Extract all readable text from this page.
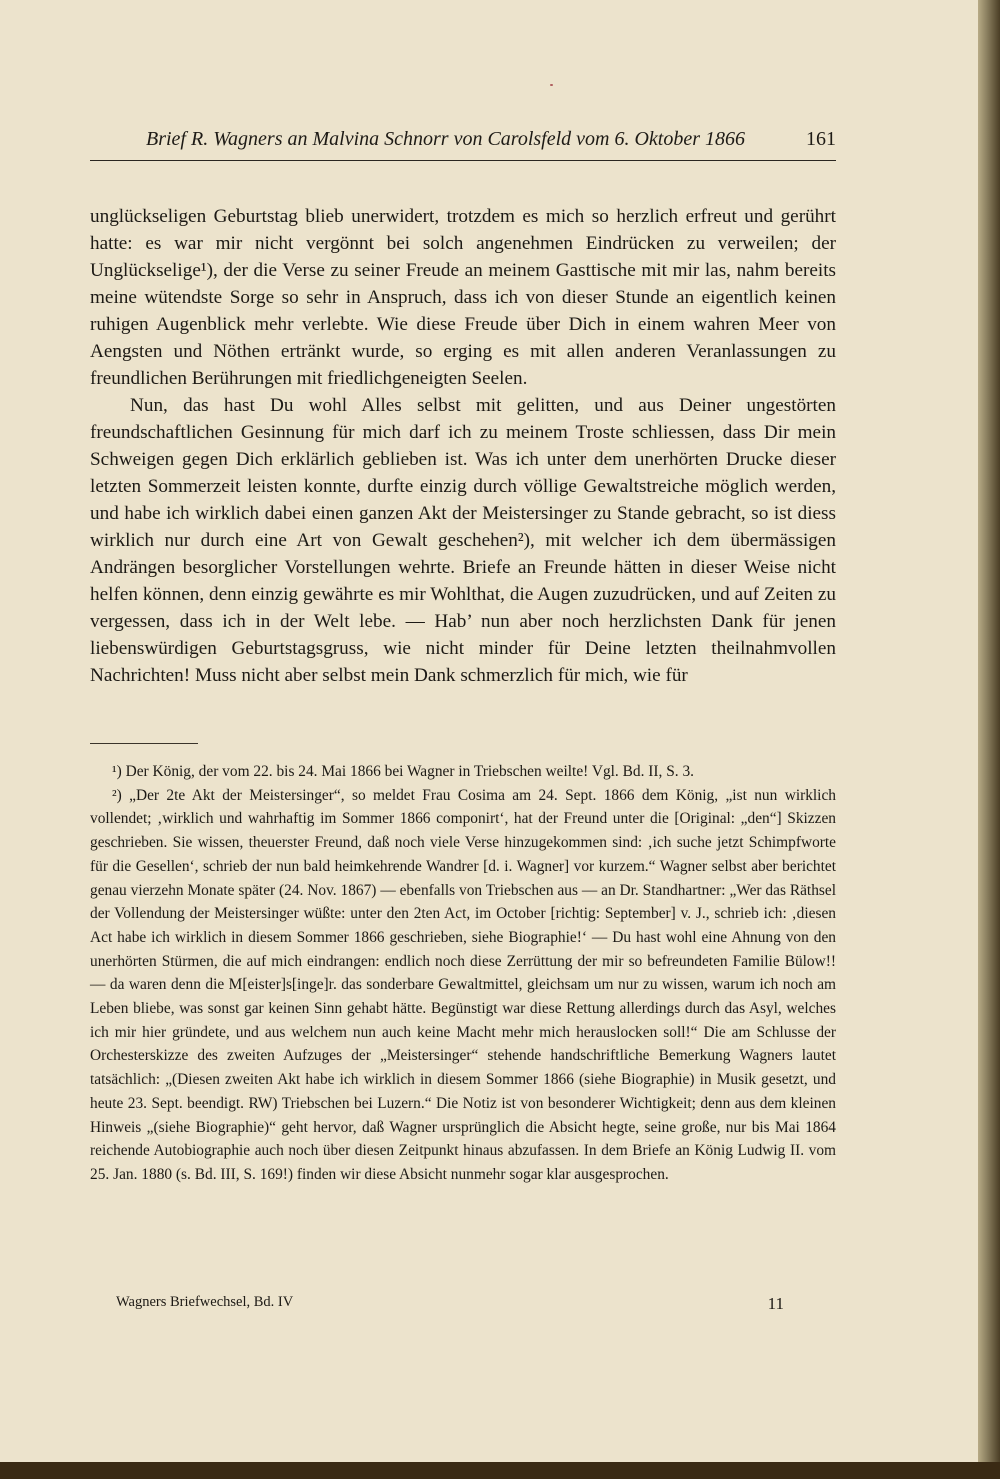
Brief R. Wagners an Malvina Schnorr von Carolsfeld vom 6. Oktober 1866	161

unglückseligen Geburtstag blieb unerwidert, trotzdem es mich so herzlich erfreut und gerührt hatte: es war mir nicht vergönnt bei solch angenehmen Eindrücken zu verweilen; der Unglückselige¹), der die Verse zu seiner Freude an meinem Gasttische mit mir las, nahm bereits meine wütendste Sorge so sehr in Anspruch, dass ich von dieser Stunde an eigentlich keinen ruhigen Augenblick mehr verlebte. Wie diese Freude über Dich in einem wahren Meer von Aengsten und Nöthen ertränkt wurde, so erging es mit allen anderen Veranlassungen zu freundlichen Berührungen mit friedlichgeneigten Seelen.

Nun, das hast Du wohl Alles selbst mit gelitten, und aus Deiner ungestörten freundschaftlichen Gesinnung für mich darf ich zu meinem Troste schliessen, dass Dir mein Schweigen gegen Dich erklärlich geblieben ist. Was ich unter dem unerhörten Drucke dieser letzten Sommerzeit leisten konnte, durfte einzig durch völlige Gewaltstreiche möglich werden, und habe ich wirklich dabei einen ganzen Akt der Meistersinger zu Stande gebracht, so ist diess wirklich nur durch eine Art von Gewalt geschehen²), mit welcher ich dem übermässigen Andrängen besorglicher Vorstellungen wehrte. Briefe an Freunde hätten in dieser Weise nicht helfen können, denn einzig gewährte es mir Wohlthat, die Augen zuzudrücken, und auf Zeiten zu vergessen, dass ich in der Welt lebe. — Hab’ nun aber noch herzlichsten Dank für jenen liebenswürdigen Geburtstagsgruss, wie nicht minder für Deine letzten theilnahmvollen Nachrichten! Muss nicht aber selbst mein Dank schmerzlich für mich, wie für

¹) Der König, der vom 22. bis 24. Mai 1866 bei Wagner in Triebschen weilte! Vgl. Bd. II, S. 3.

²) „Der 2te Akt der Meistersinger“, so meldet Frau Cosima am 24. Sept. 1866 dem König, „ist nun wirklich vollendet; ‚wirklich und wahrhaftig im Sommer 1866 componirt‘, hat der Freund unter die [Original: „den“] Skizzen geschrieben. Sie wissen, theuerster Freund, daß noch viele Verse hinzugekommen sind: ‚ich suche jetzt Schimpfworte für die Gesellen‘, schrieb der nun bald heimkehrende Wandrer [d. i. Wagner] vor kurzem.“ Wagner selbst aber berichtet genau vierzehn Monate später (24. Nov. 1867) — ebenfalls von Triebschen aus — an Dr. Standhartner: „Wer das Räthsel der Vollendung der Meistersinger wüßte: unter den 2ten Act, im October [richtig: September] v. J., schrieb ich: ‚diesen Act habe ich wirklich in diesem Sommer 1866 geschrieben, siehe Biographie!‘ — Du hast wohl eine Ahnung von den unerhörten Stürmen, die auf mich eindrangen: endlich noch diese Zerrüttung der mir so befreundeten Familie Bülow!! — da waren denn die M[eister]s[inge]r. das sonderbare Gewaltmittel, gleichsam um nur zu wissen, warum ich noch am Leben bliebe, was sonst gar keinen Sinn gehabt hätte. Begünstigt war diese Rettung allerdings durch das Asyl, welches ich mir hier gründete, und aus welchem nun auch keine Macht mehr mich herauslocken soll!“ Die am Schlusse der Orchesterskizze des zweiten Aufzuges der „Meistersinger“ stehende handschriftliche Bemerkung Wagners lautet tatsächlich: „(Diesen zweiten Akt habe ich wirklich in diesem Sommer 1866 (siehe Biographie) in Musik gesetzt, und heute 23. Sept. beendigt. RW) Triebschen bei Luzern.“ Die Notiz ist von besonderer Wichtigkeit; denn aus dem kleinen Hinweis „(siehe Biographie)“ geht hervor, daß Wagner ursprünglich die Absicht hegte, seine große, nur bis Mai 1864 reichende Autobiographie auch noch über diesen Zeitpunkt hinaus abzufassen. In dem Briefe an König Ludwig II. vom 25. Jan. 1880 (s. Bd. III, S. 169!) finden wir diese Absicht nunmehr sogar klar ausgesprochen.

Wagners Briefwechsel, Bd. IV	11
